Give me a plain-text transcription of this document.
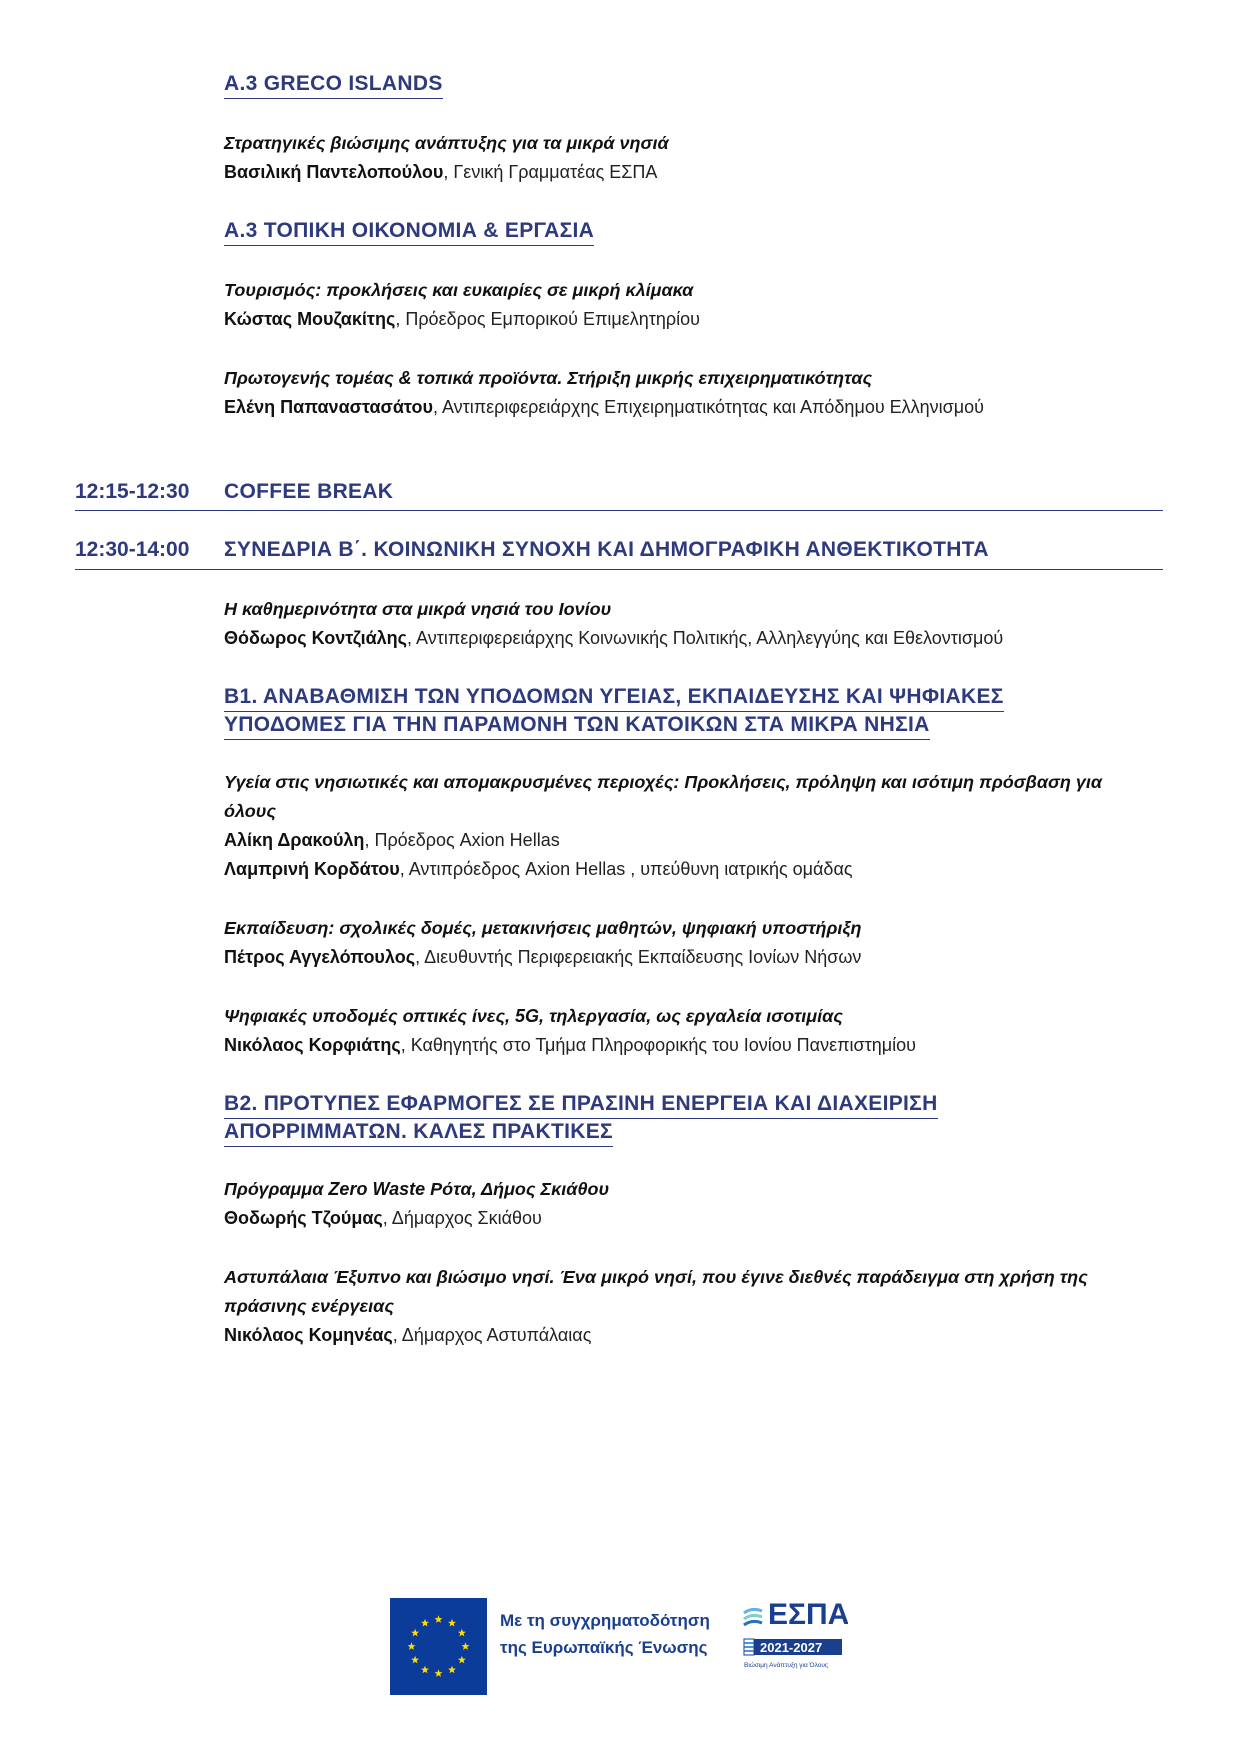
Α.3 GRECO ISLANDS
Στρατηγικές βιώσιμης ανάπτυξης για τα μικρά νησιά
Βασιλική Παντελοπούλου, Γενική Γραμματέας ΕΣΠΑ
Α.3 ΤΟΠΙΚΗ ΟΙΚΟΝΟΜΙΑ & ΕΡΓΑΣΙΑ
Τουρισμός: προκλήσεις και ευκαιρίες σε μικρή κλίμακα
Κώστας Μουζακίτης, Πρόεδρος Εμπορικού Επιμελητηρίου
Πρωτογενής τομέας & τοπικά προϊόντα. Στήριξη μικρής επιχειρηματικότητας
Ελένη Παπαναστασάτου, Αντιπεριφερειάρχης Επιχειρηματικότητας και Απόδημου Ελληνισμού
12:15-12:30 COFFEE BREAK
12:30-14:00 ΣΥΝΕΔΡΙΑ Β΄. ΚΟΙΝΩΝΙΚΗ ΣΥΝΟΧΗ ΚΑΙ ΔΗΜΟΓΡΑΦΙΚΗ ΑΝΘΕΚΤΙΚΟΤΗΤΑ
Η καθημερινότητα στα μικρά νησιά του Ιονίου
Θόδωρος Κοντζιάλης, Αντιπεριφερειάρχης Κοινωνικής Πολιτικής, Αλληλεγγύης και Εθελοντισμού
Β1. ΑΝΑΒΑΘΜΙΣΗ ΤΩΝ ΥΠΟΔΟΜΩΝ ΥΓΕΙΑΣ, ΕΚΠΑΙΔΕΥΣΗΣ ΚΑΙ ΨΗΦΙΑΚΕΣ
ΥΠΟΔΟΜΕΣ ΓΙΑ ΤΗΝ ΠΑΡΑΜΟΝΗ ΤΩΝ ΚΑΤΟΙΚΩΝ ΣΤΑ ΜΙΚΡΑ ΝΗΣΙΑ
Υγεία στις νησιωτικές και απομακρυσμένες περιοχές: Προκλήσεις, πρόληψη και ισότιμη πρόσβαση για όλους
Αλίκη Δρακούλη, Πρόεδρος Axion Hellas
Λαμπρινή Κορδάτου, Αντιπρόεδρος Axion Hellas , υπεύθυνη ιατρικής ομάδας
Εκπαίδευση: σχολικές δομές, μετακινήσεις μαθητών, ψηφιακή υποστήριξη
Πέτρος Αγγελόπουλος, Διευθυντής Περιφερειακής Εκπαίδευσης Ιονίων Νήσων
Ψηφιακές υποδομές οπτικές ίνες, 5G, τηλεργασία, ως εργαλεία ισοτιμίας
Νικόλαος Κορφιάτης, Καθηγητής στο Τμήμα Πληροφορικής του Ιονίου Πανεπιστημίου
Β2. ΠΡΟΤΥΠΕΣ ΕΦΑΡΜΟΓΕΣ ΣΕ ΠΡΑΣΙΝΗ ΕΝΕΡΓΕΙΑ ΚΑΙ ΔΙΑΧΕΙΡΙΣΗ
ΑΠΟΡΡΙΜΜΑΤΩΝ. ΚΑΛΕΣ ΠΡΑΚΤΙΚΕΣ
Πρόγραμμα Zero Waste Ρότα, Δήμος Σκιάθου
Θοδωρής Τζούμας, Δήμαρχος Σκιάθου
Αστυπάλαια Έξυπνο και βιώσιμο νησί. Ένα μικρό νησί, που έγινε διεθνές παράδειγμα στη χρήση της πράσινης ενέργειας
Νικόλαος Κομηνέας, Δήμαρχος Αστυπάλαιας
Με τη συγχρηματοδότηση
της Ευρωπαϊκής Ένωσης
ΕΣΠΑ
2021-2027
Βιώσιμη Ανάπτυξη για Όλους
